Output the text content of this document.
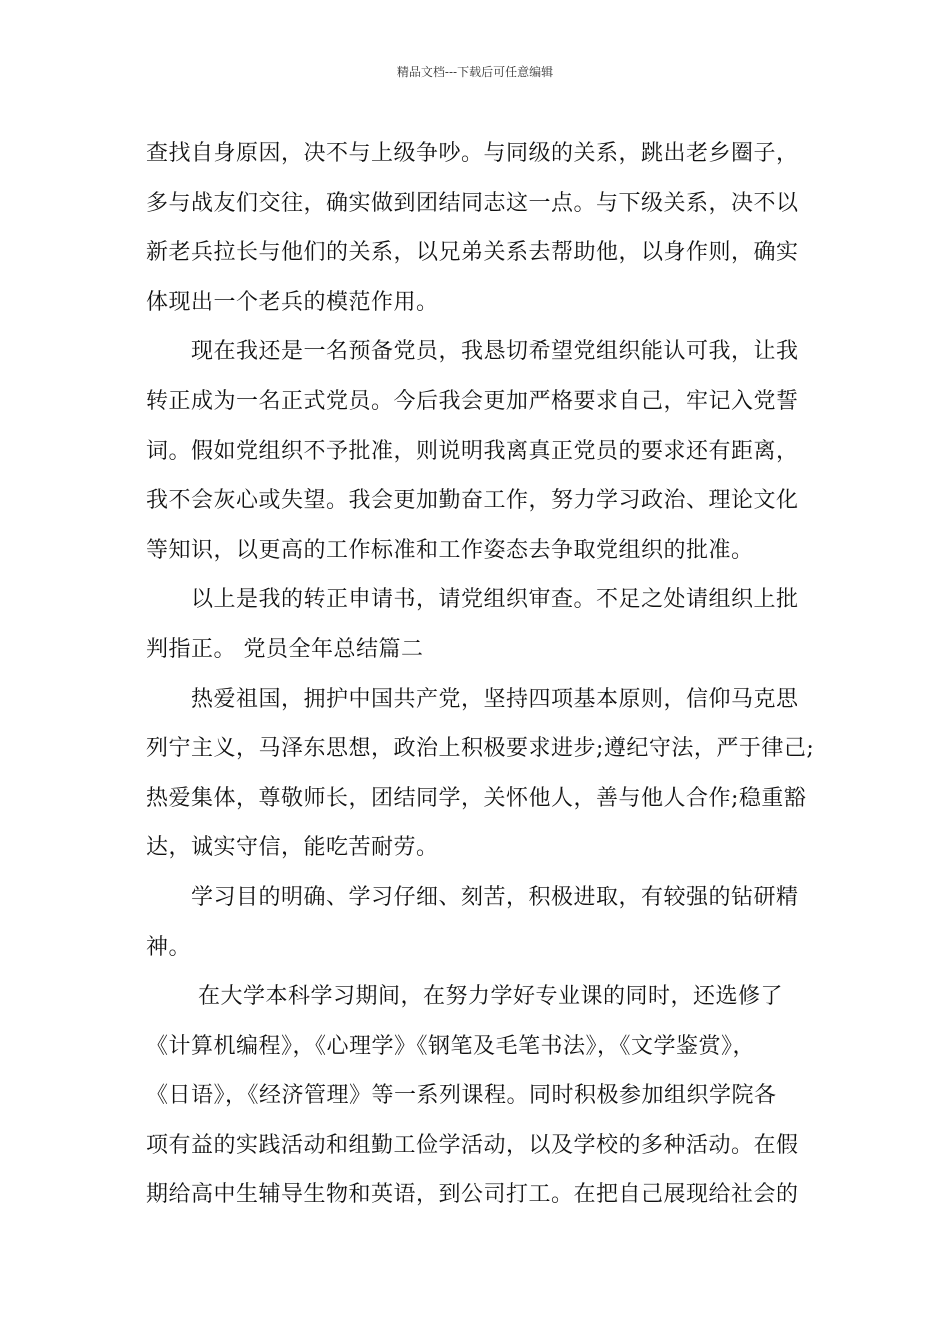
精品文档---下载后可任意编辑
查找自身原因，决不与上级争吵。与同级的关系，跳出老乡圈子，
多与战友们交往，确实做到团结同志这一点。与下级关系，决不以
新老兵拉长与他们的关系，以兄弟关系去帮助他，以身作则，确实
体现出一个老兵的模范作用。
现在我还是一名预备党员，我恳切希望党组织能认可我，让我
转正成为一名正式党员。今后我会更加严格要求自己，牢记入党誓
词。假如党组织不予批准，则说明我离真正党员的要求还有距离，
我不会灰心或失望。我会更加勤奋工作，努力学习政治、理论文化
等知识，以更高的工作标准和工作姿态去争取党组织的批准。
以上是我的转正申请书，请党组织审查。不足之处请组织上批
判指正。 党员全年总结篇二
热爱祖国，拥护中国共产党，坚持四项基本原则，信仰马克思
列宁主义，马泽东思想，政治上积极要求进步;遵纪守法，严于律己;
热爱集体，尊敬师长，团结同学，关怀他人，善与他人合作;稳重豁
达，诚实守信，能吃苦耐劳。
学习目的明确、学习仔细、刻苦，积极进取，有较强的钻研精
神。
在大学本科学习期间，在努力学好专业课的同时，还选修了
《计算机编程》，《心理学》《钢笔及毛笔书法》，《文学鉴赏》，
《日语》，《经济管理》等一系列课程。同时积极参加组织学院各
项有益的实践活动和组勤工俭学活动，以及学校的多种活动。在假
期给高中生辅导生物和英语，到公司打工。在把自己展现给社会的
